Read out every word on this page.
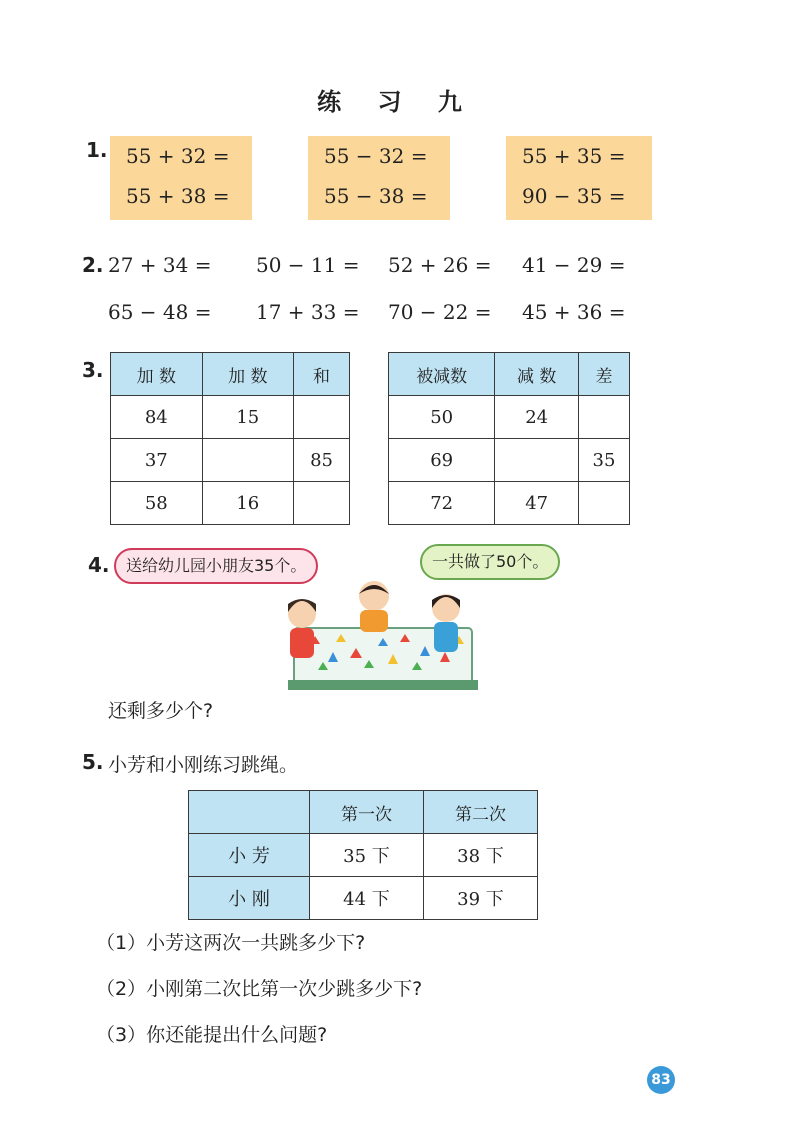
练 习 九
1. 55 + 32 =
55 + 38 =
55 − 32 =
55 − 38 =
55 + 35 =
90 − 35 =
2. 27 + 34 = 50 − 11 = 52 + 26 = 41 − 29 =
65 − 48 = 17 + 33 = 70 − 22 = 45 + 36 =
3. 加 数	加 数	和
84	15	
37		85
58	16	
被减数	减 数	差
50	24	
69		35
72	47	
4.	送给幼儿园小朋友35个。	一共做了50个。
还剩多少个?
5. 小芳和小刚练习跳绳。
	第一次	第二次
小 芳	35 下	38 下
小 刚	44 下	39 下
（1）小芳这两次一共跳多少下?
（2）小刚第二次比第一次少跳多少下?
（3）你还能提出什么问题?
83
